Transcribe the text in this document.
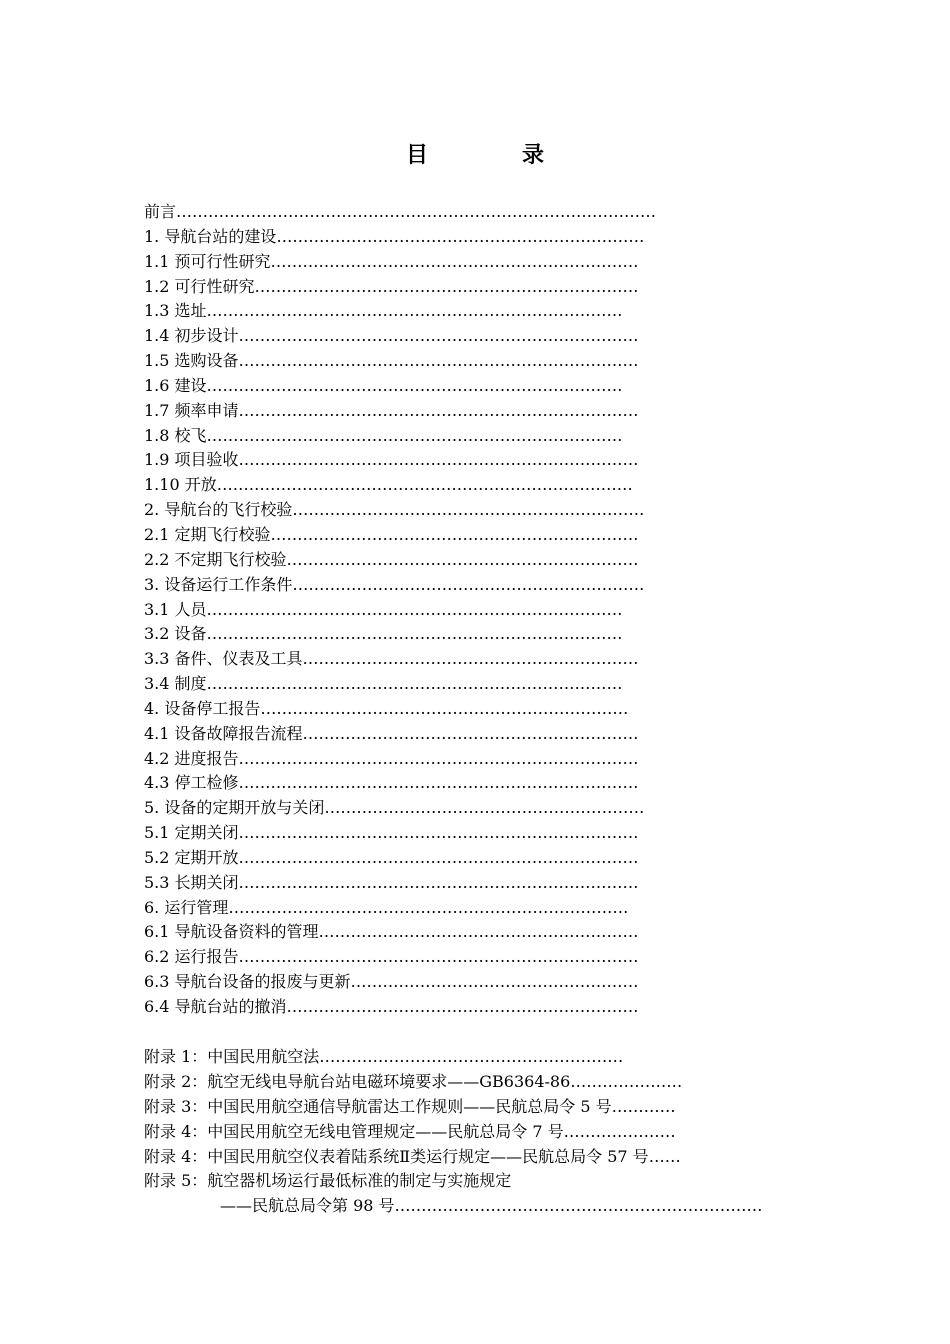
目　录
前言………………………………………………………………………………
1. 导航台站的建设……………………………………………………………
1.1 预可行性研究……………………………………………………………
1.2 可行性研究………………………………………………………………
1.3 选址……………………………………………………………………
1.4 初步设计…………………………………………………………………
1.5 选购设备…………………………………………………………………
1.6 建设……………………………………………………………………
1.7 频率申请…………………………………………………………………
1.8 校飞……………………………………………………………………
1.9 项目验收…………………………………………………………………
1.10 开放……………………………………………………………………
2. 导航台的飞行校验…………………………………………………………
2.1 定期飞行校验……………………………………………………………
2.2 不定期飞行校验…………………………………………………………
3. 设备运行工作条件…………………………………………………………
3.1 人员……………………………………………………………………
3.2 设备……………………………………………………………………
3.3 备件、仪表及工具………………………………………………………
3.4 制度……………………………………………………………………
4. 设备停工报告……………………………………………………………
4.1 设备故障报告流程………………………………………………………
4.2 进度报告…………………………………………………………………
4.3 停工检修…………………………………………………………………
5. 设备的定期开放与关闭……………………………………………………
5.1 定期关闭…………………………………………………………………
5.2 定期开放…………………………………………………………………
5.3 长期关闭…………………………………………………………………
6. 运行管理…………………………………………………………………
6.1 导航设备资料的管理……………………………………………………
6.2 运行报告…………………………………………………………………
6.3 导航台设备的报废与更新………………………………………………
6.4 导航台站的撤消…………………………………………………………
附录 1：中国民用航空法…………………………………………………
附录 2：航空无线电导航台站电磁环境要求——GB6364-86…………………
附录 3：中国民用航空通信导航雷达工作规则——民航总局令 5 号…………
附录 4：中国民用航空无线电管理规定——民航总局令 7 号…………………
附录 4：中国民用航空仪表着陆系统Ⅱ类运行规定——民航总局令 57 号……
附录 5：航空器机场运行最低标准的制定与实施规定
——民航总局令第 98 号……………………………………………………………
